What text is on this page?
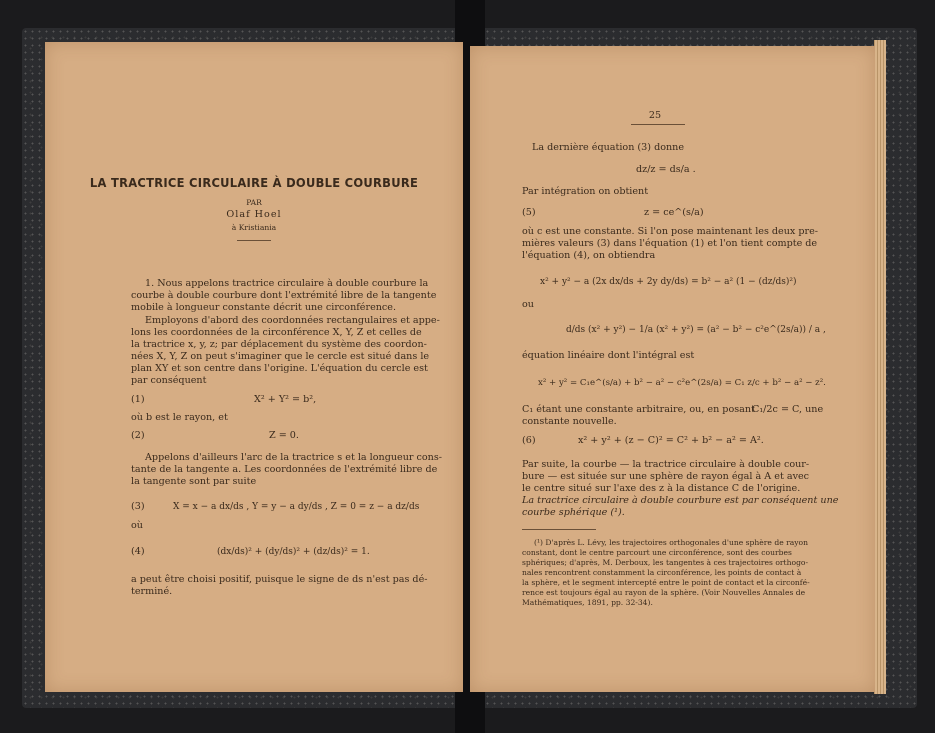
LA TRACTRICE CIRCULAIRE À DOUBLE COURBURE
PAR
Olaf Hoel
à Kristiania
1. Nous appelons tractrice circulaire à double courbure la
courbe à double courbure dont l'extrémité libre de la tangente
mobile à longueur constante décrit une circonférence.
Employons d'abord des coordonnées rectangulaires et appe-
lons les coordonnées de la circonférence X, Y, Z et celles de
la tractrice x, y, z; par déplacement du système des coordon-
nées X, Y, Z on peut s'imaginer que le cercle est situé dans le
plan XY et son centre dans l'origine. L'équation du cercle est
par conséquent
(1)	X² + Y² = b²,
où b est le rayon, et
(2)	Z = 0.
Appelons d'ailleurs l'arc de la tractrice s et la longueur cons-
tante de la tangente a. Les coordonnées de l'extrémité libre de
la tangente sont par suite
(3)	X = x − a dx/ds , Y = y − a dy/ds , Z = 0 = z − a dz/ds
où
(4)	(dx/ds)² + (dy/ds)² + (dz/ds)² = 1.
a peut être choisi positif, puisque le signe de ds n'est pas dé-
terminé.
25
La dernière équation (3) donne
dz/z = ds/a .
Par intégration on obtient
(5)	z = ce^(s/a)
où c est une constante. Si l'on pose maintenant les deux pre-
mières valeurs (3) dans l'équation (1) et l'on tient compte de
l'équation (4), on obtiendra
x² + y² − a (2x dx/ds + 2y dy/ds) = b² − a² (1 − (dz/ds)²)
ou
d/ds (x² + y²) − 1/a (x² + y²) = (a² − b² − c²e^(2s/a)) / a ,
équation linéaire dont l'intégral est
x² + y² = C₁e^(s/a) + b² − a² − c²e^(2s/a) = C₁ z/c + b² − a² − z².
C₁ étant une constante arbitraire, ou, en posant
C₁/2c = C, une
constante nouvelle.
(6)	x² + y² + (z − C)² = C² + b² − a² = A².
Par suite, la courbe — la tractrice circulaire à double cour-
bure — est située sur une sphère de rayon égal à A et avec
le centre situé sur l'axe des z à la distance C de l'origine.
La tractrice circulaire à double courbure est par conséquent une
courbe sphérique (¹).
(¹) D'après L. Lévy, les trajectoires orthogonales d'une sphère de rayon
constant, dont le centre parcourt une circonférence, sont des courbes
sphériques; d'après, M. Derboux, les tangentes à ces trajectoires orthogo-
nales rencontrent constamment la circonférence, les points de contact à
la sphère, et le segment intercepté entre le point de contact et la circonfé-
rence est toujours égal au rayon de la sphère. (Voir Nouvelles Annales de
Mathématiques, 1891, pp. 32-34).
